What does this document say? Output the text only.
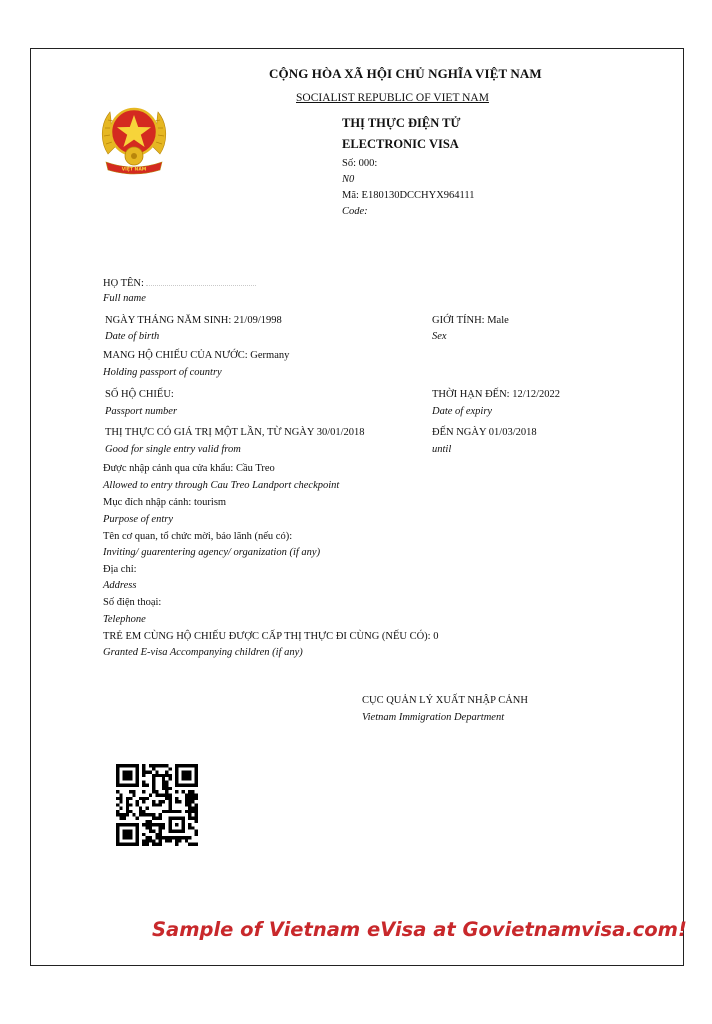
CỘNG HÒA XÃ HỘI CHỦ NGHĨA VIỆT NAM
SOCIALIST REPUBLIC OF VIET NAM
THỊ THỰC ĐIỆN TỬ
ELECTRONIC VISA
Số: 000:
N0
Mã: E180130DCCHYX964111
Code:
VIỆT NAM
HỌ TÊN:
Full name
NGÀY THÁNG NĂM SINH: 21/09/1998
Date of birth
GIỚI TÍNH: Male
Sex
MANG HỘ CHIẾU CỦA NƯỚC: Germany
Holding passport of country
SỐ HỘ CHIẾU:
Passport number
THỜI HẠN ĐẾN: 12/12/2022
Date of expiry
THỊ THỰC CÓ GIÁ TRỊ MỘT LẦN, TỪ NGÀY 30/01/2018
Good for single entry valid from
ĐẾN NGÀY 01/03/2018
until
Được nhập cảnh qua cửa khẩu: Cầu Treo
Allowed to entry through Cau Treo Landport checkpoint
Mục đích nhập cảnh: tourism
Purpose of entry
Tên cơ quan, tổ chức mời, bảo lãnh (nếu có):
Inviting/ guarentering agency/ organization (if any)
Địa chỉ:
Address
Số điện thoại:
Telephone
TRẺ EM CÙNG HỘ CHIẾU ĐƯỢC CẤP THỊ THỰC ĐI CÙNG (NẾU CÓ): 0
Granted E-visa Accompanying children (if any)
CỤC QUẢN LÝ XUẤT NHẬP CẢNH
Vietnam Immigration Department
Sample of Vietnam eVisa at Govietnamvisa.com!
